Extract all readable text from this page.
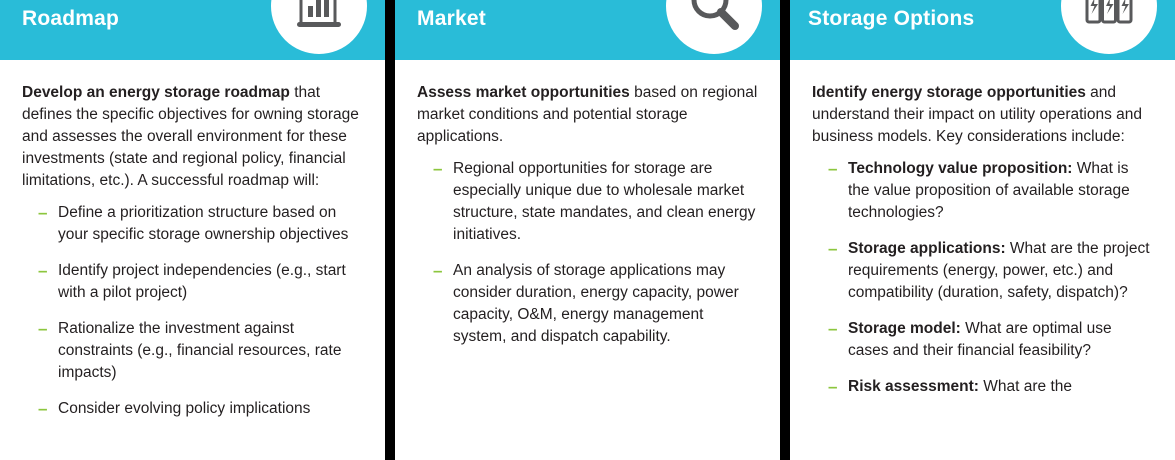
Roadmap

Develop an energy storage roadmap that defines the specific objectives for owning storage and assesses the overall environment for these investments (state and regional policy, financial limitations, etc.). A successful roadmap will:

– Define a prioritization structure based on your specific storage ownership objectives
– Identify project independencies (e.g., start with a pilot project)
– Rationalize the investment against constraints (e.g., financial resources, rate impacts)
– Consider evolving policy implications
Market

Assess market opportunities based on regional market conditions and potential storage applications.

– Regional opportunities for storage are especially unique due to wholesale market structure, state mandates, and clean energy initiatives.
– An analysis of storage applications may consider duration, energy capacity, power capacity, O&M, energy management system, and dispatch capability.
Storage Options

Identify energy storage opportunities and understand their impact on utility operations and business models. Key considerations include:

– Technology value proposition: What is the value proposition of available storage technologies?
– Storage applications: What are the project requirements (energy, power, etc.) and compatibility (duration, safety, dispatch)?
– Storage model: What are optimal use cases and their financial feasibility?
– Risk assessment: What are the
